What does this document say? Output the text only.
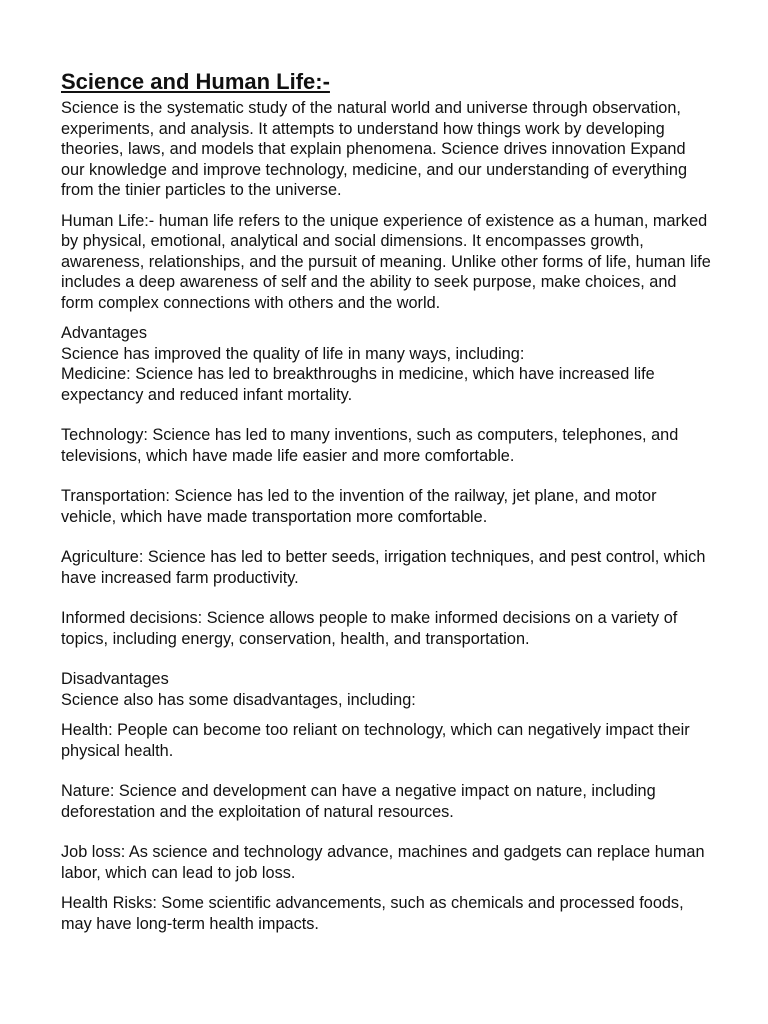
Science and Human Life:-

Science is the systematic study of the natural world and universe through observation, experiments, and analysis. It attempts to understand how things work by developing theories, laws, and models that explain phenomena. Science drives innovation Expand our knowledge and improve technology, medicine, and our understanding of everything from the tinier particles to the universe.

Human Life:- human life refers to the unique experience of existence as a human, marked by physical, emotional, analytical and social dimensions. It encompasses growth, awareness, relationships, and the pursuit of meaning. Unlike other forms of life, human life includes a deep awareness of self and the ability to seek purpose, make choices, and form complex connections with others and the world.

Advantages

Science has improved the quality of life in many ways, including:

Medicine: Science has led to breakthroughs in medicine, which have increased life expectancy and reduced infant mortality.

Technology: Science has led to many inventions, such as computers, telephones, and televisions, which have made life easier and more comfortable.

Transportation: Science has led to the invention of the railway, jet plane, and motor vehicle, which have made transportation more comfortable.

Agriculture: Science has led to better seeds, irrigation techniques, and pest control, which have increased farm productivity.

Informed decisions: Science allows people to make informed decisions on a variety of topics, including energy, conservation, health, and transportation.

Disadvantages

Science also has some disadvantages, including:

Health: People can become too reliant on technology, which can negatively impact their physical health.

Nature: Science and development can have a negative impact on nature, including deforestation and the exploitation of natural resources.

Job loss: As science and technology advance, machines and gadgets can replace human labor, which can lead to job loss.

Health Risks: Some scientific advancements, such as chemicals and processed foods, may have long-term health impacts.
